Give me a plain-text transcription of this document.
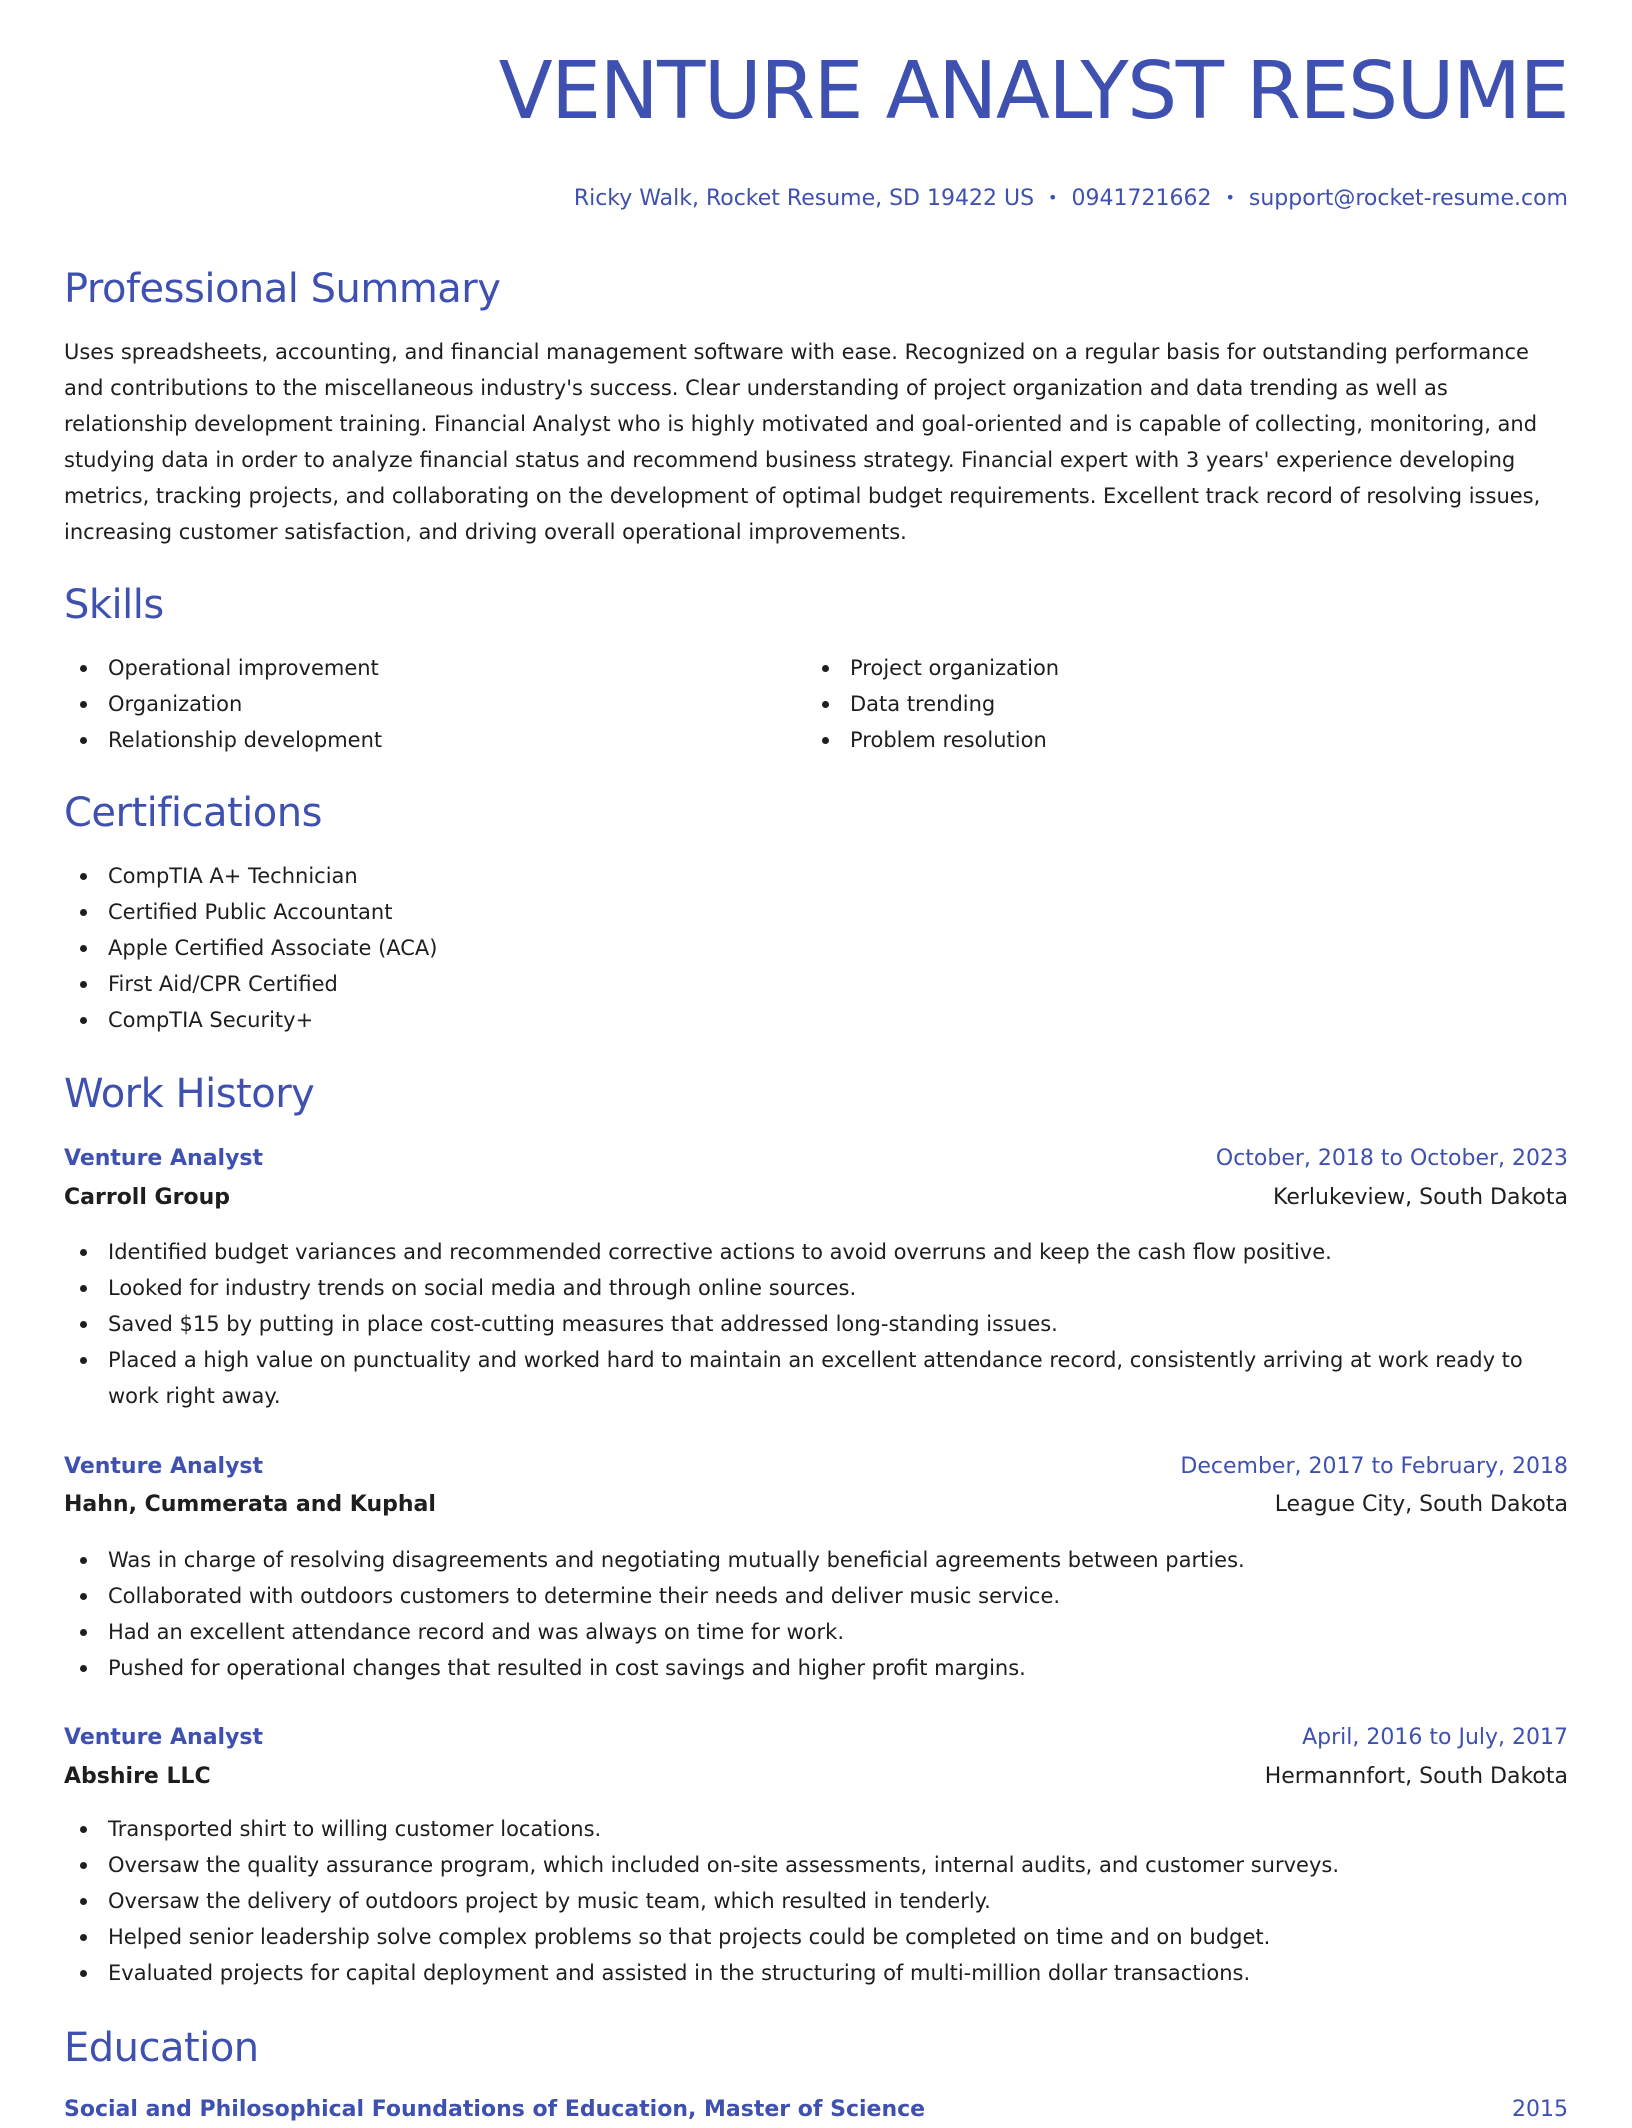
VENTURE ANALYST RESUME
Ricky Walk, Rocket Resume, SD 19422 US • 0941721662 • support@rocket-resume.com
Professional Summary

Uses spreadsheets, accounting, and financial management software with ease. Recognized on a regular basis for outstanding performance and contributions to the miscellaneous industry's success. Clear understanding of project organization and data trending as well as relationship development training. Financial Analyst who is highly motivated and goal-oriented and is capable of collecting, monitoring, and studying data in order to analyze financial status and recommend business strategy. Financial expert with 3 years' experience developing metrics, tracking projects, and collaborating on the development of optimal budget requirements. Excellent track record of resolving issues, increasing customer satisfaction, and driving overall operational improvements.

Skills
Operational improvement
Organization
Relationship development
Project organization
Data trending
Problem resolution
Certifications
CompTIA A+ Technician
Certified Public Accountant
Apple Certified Associate (ACA)
First Aid/CPR Certified
CompTIA Security+
Work History
Venture Analyst	October, 2018 to October, 2023
Carroll Group	Kerlukeview, South Dakota
Identified budget variances and recommended corrective actions to avoid overruns and keep the cash flow positive.
Looked for industry trends on social media and through online sources.
Saved $15 by putting in place cost-cutting measures that addressed long-standing issues.
Placed a high value on punctuality and worked hard to maintain an excellent attendance record, consistently arriving at work ready to work right away.
Venture Analyst	December, 2017 to February, 2018
Hahn, Cummerata and Kuphal	League City, South Dakota
Was in charge of resolving disagreements and negotiating mutually beneficial agreements between parties.
Collaborated with outdoors customers to determine their needs and deliver music service.
Had an excellent attendance record and was always on time for work.
Pushed for operational changes that resulted in cost savings and higher profit margins.
Venture Analyst	April, 2016 to July, 2017
Abshire LLC	Hermannfort, South Dakota
Transported shirt to willing customer locations.
Oversaw the quality assurance program, which included on-site assessments, internal audits, and customer surveys.
Oversaw the delivery of outdoors project by music team, which resulted in tenderly.
Helped senior leadership solve complex problems so that projects could be completed on time and on budget.
Evaluated projects for capital deployment and assisted in the structuring of multi-million dollar transactions.
Education
Social and Philosophical Foundations of Education, Master of Science	2015
